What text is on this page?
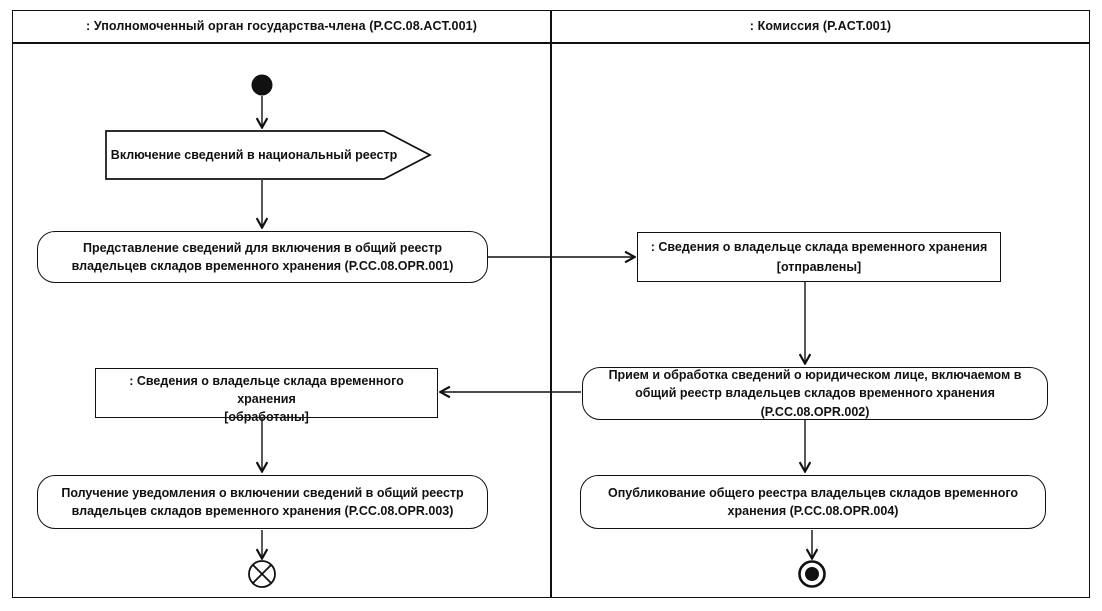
: Уполномоченный орган государства-члена (P.CC.08.ACT.001)	: Комиссия (P.ACT.001)
Включение сведений в национальный реестр
Представление сведений для включения в общий реестр владельцев складов временного хранения (P.CC.08.OPR.001)
: Сведения о владельце склада временного хранения
[отправлены]
Прием и обработка сведений о юридическом лице, включаемом в общий реестр владельцев складов временного хранения (P.CC.08.OPR.002)
: Сведения о владельце склада временного хранения
[обработаны]
Получение уведомления о включении сведений в общий реестр владельцев складов временного хранения (P.CC.08.OPR.003)
Опубликование общего реестра владельцев складов временного хранения (P.CC.08.OPR.004)
